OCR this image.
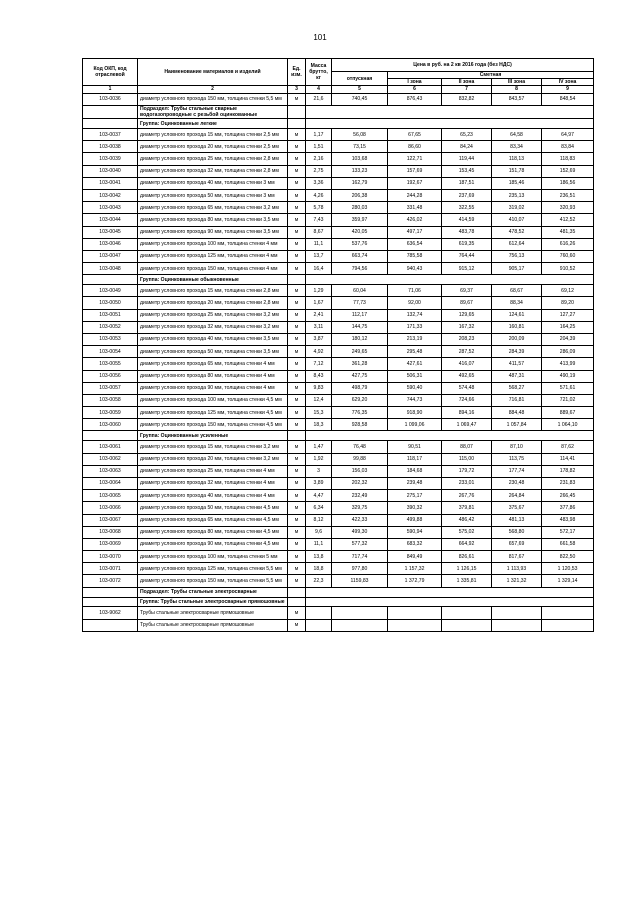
101
Код ОКП, код отраслевой	Наименование материалов и изделий	Ед. изм.	Масса брутто, кг	Цена в руб. на 2 кв 2016 года (без НДС)				
				отпускная	Сметная			
					I зона	II зона	III зона	IV зона
1	2	3	4	5	6	7	8	9
103-0036	диаметр условного прохода 150 мм, толщина стенки 5,5 мм	м	21,6	740,45	876,43	832,82	843,57	848,54
	Подраздел: Трубы стальные сварные водогазопроводные с резьбой оцинкованные							
	Группа: Оцинкованные легкие							
103-0037	диаметр условного прохода 15 мм, толщина стенки 2,5 мм	м	1,17	56,08	67,65	65,23	64,58	64,97
103-0038	диаметр условного прохода 20 мм, толщина стенки 2,5 мм	м	1,51	73,15	86,60	84,24	83,34	83,84
103-0039	диаметр условного прохода 25 мм, толщина стенки 2,8 мм	м	2,16	103,68	122,71	119,44	118,13	118,83
103-0040	диаметр условного прохода 32 мм, толщина стенки 2,8 мм	м	2,75	133,23	157,69	153,45	151,78	152,69
103-0041	диаметр условного прохода 40 мм, толщина стенки 3 мм	м	3,36	162,79	192,67	187,51	185,46	186,56
103-0042	диаметр условного прохода 50 мм, толщина стенки 3 мм	м	4,26	206,38	244,28	237,69	235,13	236,51
103-0043	диаметр условного прохода 65 мм, толщина стенки 3,2 мм	м	5,78	280,03	331,48	322,55	319,02	320,93
103-0044	диаметр условного прохода 80 мм, толщина стенки 3,5 мм	м	7,43	359,97	426,02	414,59	410,07	412,52
103-0045	диаметр условного прохода 90 мм, толщина стенки 3,5 мм	м	8,67	420,05	497,17	483,78	478,52	481,35
103-0046	диаметр условного прохода 100 мм, толщина стенки 4 мм	м	11,1	537,76	636,54	619,35	612,64	616,26
103-0047	диаметр условного прохода 125 мм, толщина стенки 4 мм	м	13,7	663,74	785,58	764,44	756,13	760,60
103-0048	диаметр условного прохода 150 мм, толщина стенки 4 мм	м	16,4	794,56	940,43	915,12	905,17	910,52
	Группа: Оцинкованные обыкновенные							
103-0049	диаметр условного прохода 15 мм, толщина стенки 2,8 мм	м	1,29	60,04	71,06	69,37	68,67	69,12
103-0050	диаметр условного прохода 20 мм, толщина стенки 2,8 мм	м	1,67	77,73	92,00	89,67	88,34	89,20
103-0051	диаметр условного прохода 25 мм, толщина стенки 3,2 мм	м	2,41	112,17	132,74	129,65	124,61	127,27
103-0052	диаметр условного прохода 32 мм, толщина стенки 3,2 мм	м	3,11	144,75	171,33	167,32	160,81	164,25
103-0053	диаметр условного прохода 40 мм, толщина стенки 3,5 мм	м	3,87	180,12	213,19	208,23	200,09	204,39
103-0054	диаметр условного прохода 50 мм, толщина стенки 3,5 мм	м	4,92	249,65	295,48	287,52	284,39	286,09
103-0055	диаметр условного прохода 65 мм, толщина стенки 4 мм	м	7,12	361,28	427,61	416,07	411,57	413,99
103-0056	диаметр условного прохода 80 мм, толщина стенки 4 мм	м	8,43	427,75	506,31	492,65	487,31	490,19
103-0057	диаметр условного прохода 90 мм, толщина стенки 4 мм	м	9,83	498,79	590,40	574,48	568,27	571,61
103-0058	диаметр условного прохода 100 мм, толщина стенки 4,5 мм	м	12,4	629,20	744,73	724,66	716,81	721,02
103-0059	диаметр условного прохода 125 мм, толщина стенки 4,5 мм	м	15,3	776,35	918,90	894,16	884,48	889,67
103-0060	диаметр условного прохода 150 мм, толщина стенки 4,5 мм	м	18,3	928,58	1 099,06	1 069,47	1 057,84	1 064,10
	Группа: Оцинкованные усиленные							
103-0061	диаметр условного прохода 15 мм, толщина стенки 3,2 мм	м	1,47	76,48	90,51	88,07	87,10	87,62
103-0062	диаметр условного прохода 20 мм, толщина стенки 3,2 мм	м	1,92	99,88	118,17	115,00	113,75	114,41
103-0063	диаметр условного прохода 25 мм, толщина стенки 4 мм	м	3	156,03	184,68	179,72	177,74	178,82
103-0064	диаметр условного прохода 32 мм, толщина стенки 4 мм	м	3,89	202,32	239,48	233,01	230,48	231,83
103-0065	диаметр условного прохода 40 мм, толщина стенки 4 мм	м	4,47	232,49	275,17	267,76	264,84	266,45
103-0066	диаметр условного прохода 50 мм, толщина стенки 4,5 мм	м	6,34	329,75	390,32	379,81	375,67	377,86
103-0067	диаметр условного прохода 65 мм, толщина стенки 4,5 мм	м	8,12	422,33	499,88	486,42	481,13	483,98
103-0068	диаметр условного прохода 80 мм, толщина стенки 4,5 мм	м	9,6	499,30	590,94	575,02	568,80	572,17
103-0069	диаметр условного прохода 90 мм, толщина стенки 4,5 мм	м	11,1	577,32	683,32	664,92	657,69	661,58
103-0070	диаметр условного прохода 100 мм, толщина стенки 5 мм	м	13,8	717,74	849,49	826,61	817,67	822,50
103-0071	диаметр условного прохода 125 мм, толщина стенки 5,5 мм	м	18,8	977,80	1 157,32	1 126,15	1 113,93	1 120,53
103-0072	диаметр условного прохода 150 мм, толщина стенки 5,5 мм	м	22,3	1159,83	1 372,79	1 335,81	1 321,32	1 329,14
	Подраздел: Трубы стальные электросварные							
	Группа: Трубы стальные электросварные прямошовные							
103-9062	Трубы стальные электросварные прямошовные	м						
	Трубы стальные электросварные прямошовные	м						
